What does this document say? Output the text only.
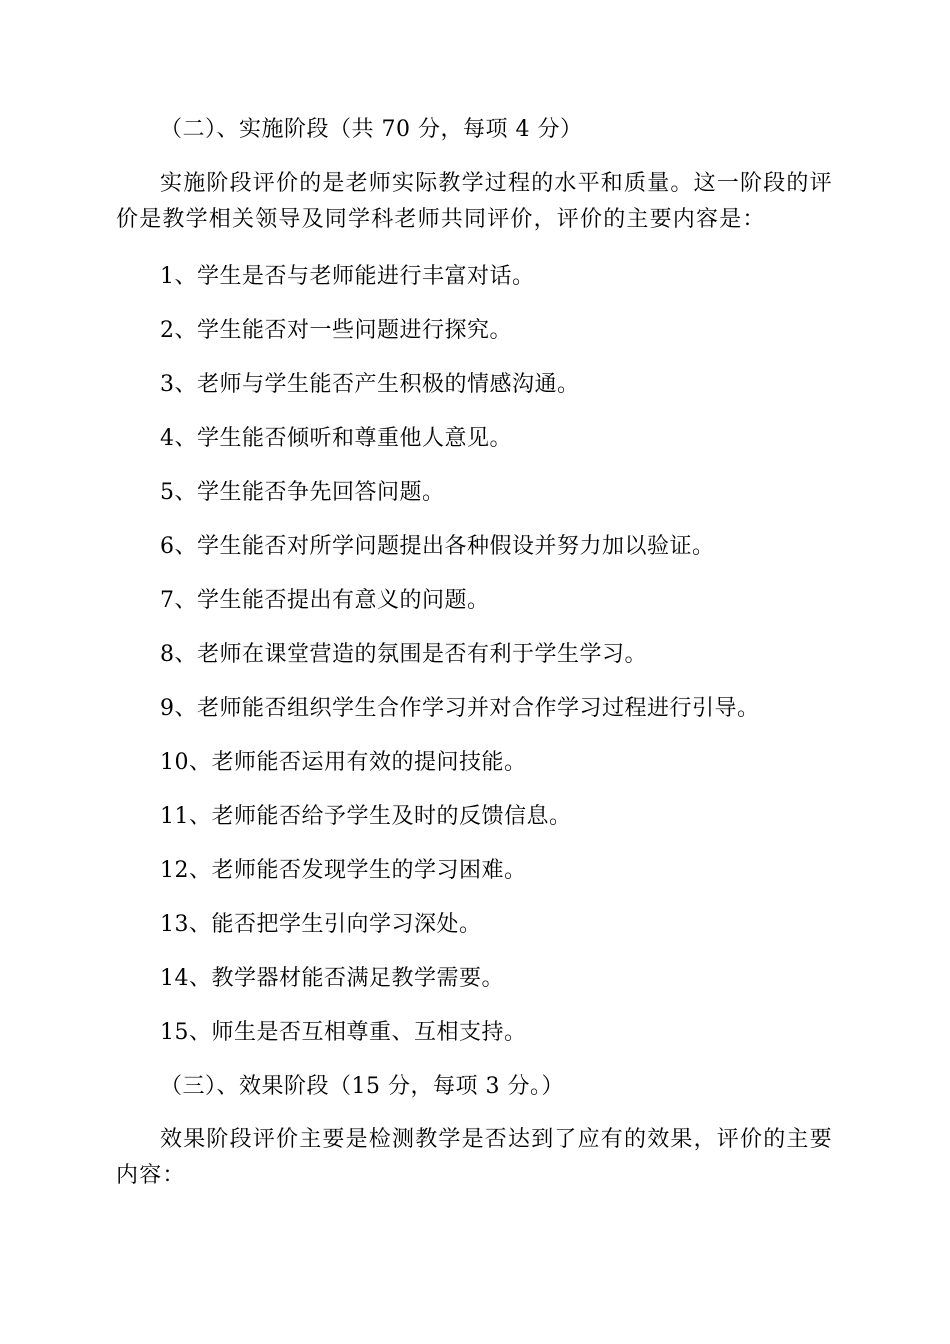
（二）、实施阶段（共 70 分，每项 4 分）
实施阶段评价的是老师实际教学过程的水平和质量。这一阶段的评价是教学相关领导及同学科老师共同评价，评价的主要内容是：
1、学生是否与老师能进行丰富对话。
2、学生能否对一些问题进行探究。
3、老师与学生能否产生积极的情感沟通。
4、学生能否倾听和尊重他人意见。
5、学生能否争先回答问题。
6、学生能否对所学问题提出各种假设并努力加以验证。
7、学生能否提出有意义的问题。
8、老师在课堂营造的氛围是否有利于学生学习。
9、老师能否组织学生合作学习并对合作学习过程进行引导。
10、老师能否运用有效的提问技能。
11、老师能否给予学生及时的反馈信息。
12、老师能否发现学生的学习困难。
13、能否把学生引向学习深处。
14、教学器材能否满足教学需要。
15、师生是否互相尊重、互相支持。
（三）、效果阶段（15 分，每项 3 分。）
效果阶段评价主要是检测教学是否达到了应有的效果，评价的主要内容：
